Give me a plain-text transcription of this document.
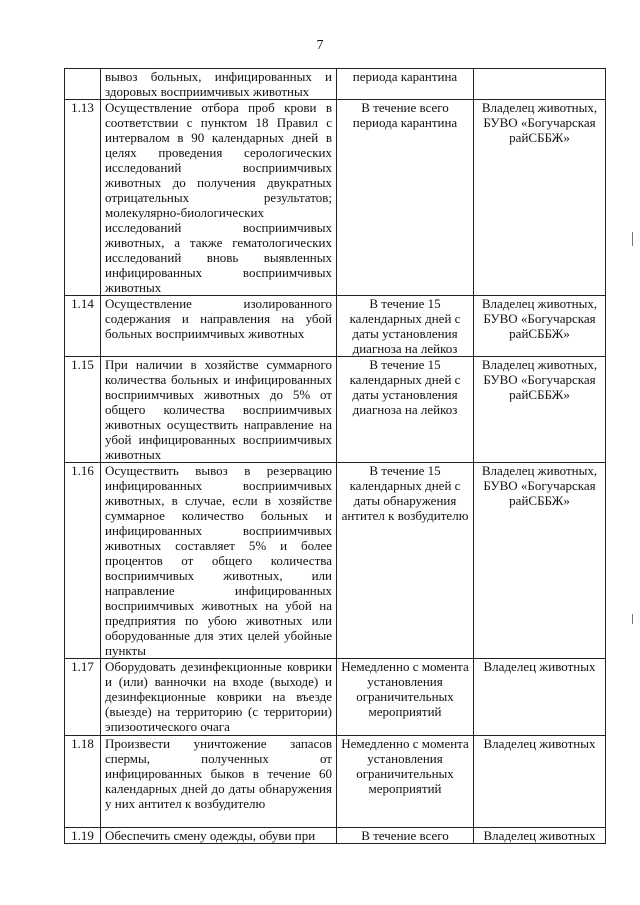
7
	вывоз больных, инфицированных и здоровых восприимчивых животных	периода карантина	
1.13	Осуществление отбора проб крови в соответствии с пунктом 18 Правил с интервалом в 90 календарных дней в целях проведения серологических исследований восприимчивых животных до получения двукратных отрицательных результатов; молекулярно-биологических исследований восприимчивых животных, а также гематологических исследований вновь выявленных инфицированных восприимчивых животных	В течение всего периода карантина	Владелец животных, БУВО «Богучарская райСББЖ»
1.14	Осуществление изолированного содержания и направления на убой больных восприимчивых животных	В течение 15 календарных дней с даты установления диагноза на лейкоз	Владелец животных, БУВО «Богучарская райСББЖ»
1.15	При наличии в хозяйстве суммарного количества больных и инфицированных восприимчивых животных до 5% от общего количества восприимчивых животных осуществить направление на убой инфицированных восприимчивых животных	В течение 15 календарных дней с даты установления диагноза на лейкоз	Владелец животных, БУВО «Богучарская райСББЖ»
1.16	Осуществить вывоз в резервацию инфицированных восприимчивых животных, в случае, если в хозяйстве суммарное количество больных и инфицированных восприимчивых животных составляет 5% и более процентов от общего количества восприимчивых животных, или направление инфицированных восприимчивых животных на убой на предприятия по убою животных или оборудованные для этих целей убойные пункты	В течение 15 календарных дней с даты обнаружения антител к возбудителю	Владелец животных, БУВО «Богучарская райСББЖ»
1.17	Оборудовать дезинфекционные коврики и (или) ванночки на входе (выходе) и дезинфекционные коврики на въезде (выезде) на территорию (с территории) эпизоотического очага	Немедленно с момента установления ограничительных мероприятий	Владелец животных
1.18	Произвести уничтожение запасов спермы, полученных от инфицированных быков в течение 60 календарных дней до даты обнаружения у них антител к возбудителю	Немедленно с момента установления ограничительных мероприятий	Владелец животных
1.19	Обеспечить смену одежды, обуви при	В течение всего	Владелец животных
